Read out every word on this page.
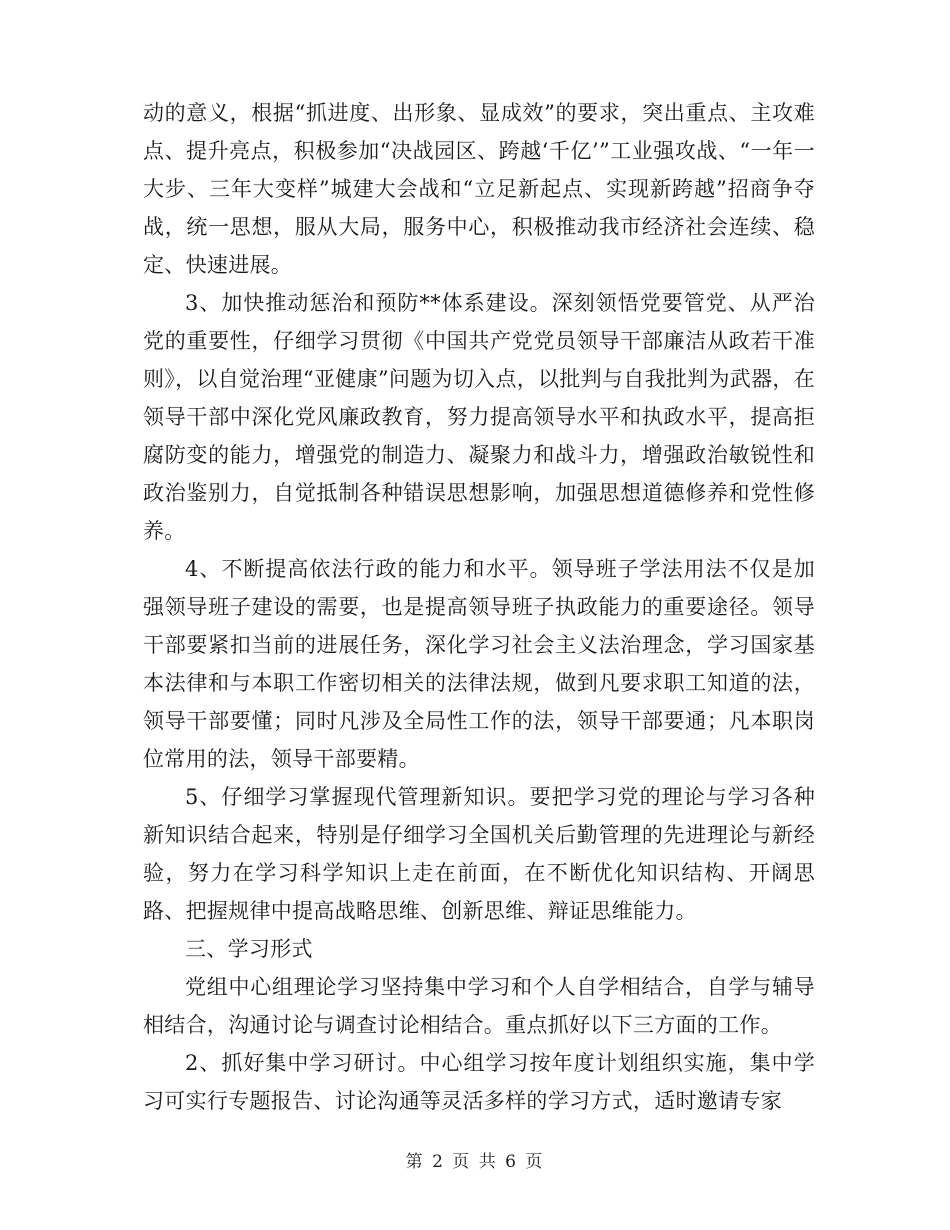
动的意义，根据“抓进度、出形象、显成效”的要求，突出重点、主攻难点、提升亮点，积极参加“决战园区、跨越‘千亿’”工业强攻战、“一年一大步、三年大变样”城建大会战和“立足新起点、实现新跨越”招商争夺战，统一思想，服从大局，服务中心，积极推动我市经济社会连续、稳定、快速进展。

3、加快推动惩治和预防**体系建设。深刻领悟党要管党、从严治党的重要性，仔细学习贯彻《中国共产党党员领导干部廉洁从政若干准则》，以自觉治理“亚健康”问题为切入点，以批判与自我批判为武器，在领导干部中深化党风廉政教育，努力提高领导水平和执政水平，提高拒腐防变的能力，增强党的制造力、凝聚力和战斗力，增强政治敏锐性和政治鉴别力，自觉抵制各种错误思想影响，加强思想道德修养和党性修养。

4、不断提高依法行政的能力和水平。领导班子学法用法不仅是加强领导班子建设的需要，也是提高领导班子执政能力的重要途径。领导干部要紧扣当前的进展任务，深化学习社会主义法治理念，学习国家基本法律和与本职工作密切相关的法律法规，做到凡要求职工知道的法，领导干部要懂；同时凡涉及全局性工作的法，领导干部要通；凡本职岗位常用的法，领导干部要精。

5、仔细学习掌握现代管理新知识。要把学习党的理论与学习各种新知识结合起来，特别是仔细学习全国机关后勤管理的先进理论与新经验，努力在学习科学知识上走在前面，在不断优化知识结构、开阔思路、把握规律中提高战略思维、创新思维、辩证思维能力。

三、学习形式

党组中心组理论学习坚持集中学习和个人自学相结合，自学与辅导相结合，沟通讨论与调查讨论相结合。重点抓好以下三方面的工作。

2、抓好集中学习研讨。中心组学习按年度计划组织实施，集中学习可实行专题报告、讨论沟通等灵活多样的学习方式，适时邀请专家

第 2 页 共 6 页
